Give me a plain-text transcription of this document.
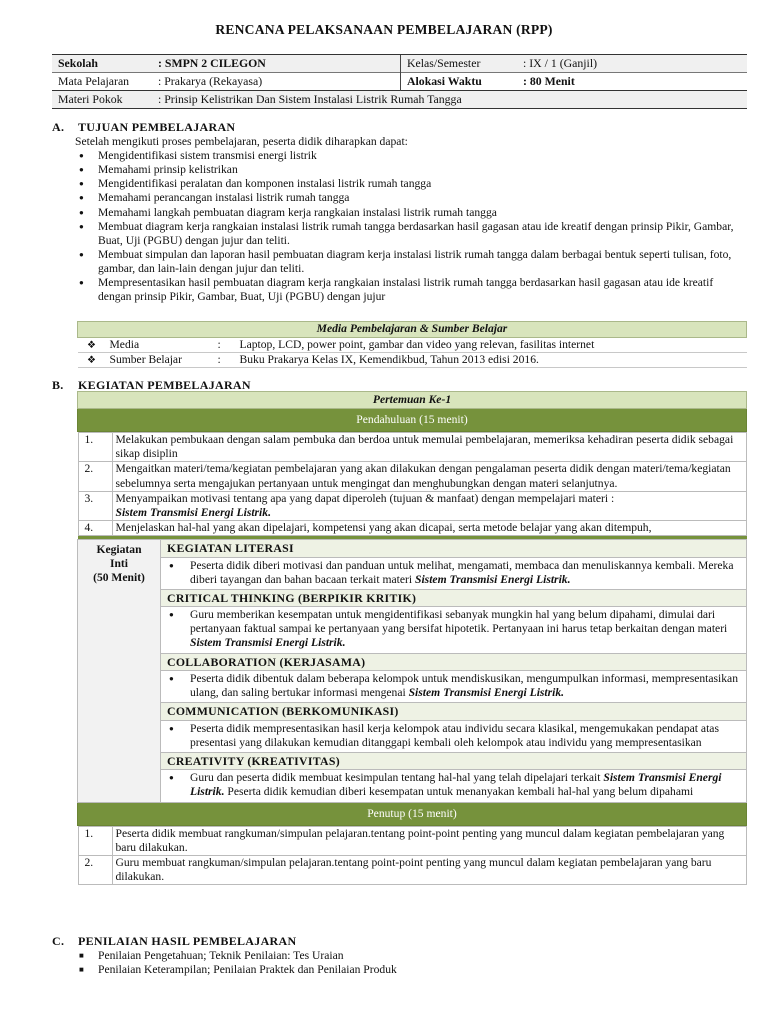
RENCANA PELAKSANAAN PEMBELAJARAN (RPP)
Sekolah	: SMPN 2 CILEGON	Kelas/Semester	: IX / 1 (Ganjil)
Mata Pelajaran	: Prakarya (Rekayasa)	Alokasi Waktu	: 80 Menit
Materi Pokok	: Prinsip Kelistrikan Dan Sistem Instalasi Listrik Rumah Tangga		
A. TUJUAN PEMBELAJARAN
Setelah mengikuti proses pembelajaran, peserta didik diharapkan dapat:
● Mengidentifikasi sistem transmisi energi listrik
● Memahami prinsip kelistrikan
● Mengidentifikasi peralatan dan komponen instalasi listrik rumah tangga
● Memahami perancangan instalasi listrik rumah tangga
● Memahami langkah pembuatan diagram kerja rangkaian instalasi listrik rumah tangga
● Membuat diagram kerja rangkaian instalasi listrik rumah tangga berdasarkan hasil gagasan atau ide kreatif dengan prinsip Pikir, Gambar, Buat, Uji (PGBU) dengan jujur dan teliti.
● Membuat simpulan dan laporan hasil pembuatan diagram kerja instalasi listrik rumah tangga dalam berbagai bentuk seperti tulisan, foto, gambar, dan lain-lain dengan jujur dan teliti.
● Mempresentasikan hasil pembuatan diagram kerja rangkaian instalasi listrik rumah tangga berdasarkan hasil gagasan atau ide kreatif dengan prinsip Pikir, Gambar, Buat, Uji (PGBU) dengan jujur
Media Pembelajaran & Sumber Belajar			
❖	Media	:	Laptop, LCD, power point, gambar dan video yang relevan, fasilitas internet
❖	Sumber Belajar	:	Buku Prakarya Kelas IX, Kemendikbud, Tahun 2013 edisi 2016.
B. KEGIATAN PEMBELAJARAN
Pertemuan Ke-1
Pendahuluan (15 menit)

1.	Melakukan pembukaan dengan salam pembuka dan berdoa untuk memulai pembelajaran, memeriksa kehadiran peserta didik sebagai sikap disiplin
2.	Mengaitkan materi/tema/kegiatan pembelajaran yang akan dilakukan dengan pengalaman peserta didik dengan materi/tema/kegiatan sebelumnya serta mengajukan pertanyaan untuk mengingat dan menghubungkan dengan materi selanjutnya.
3.	Menyampaikan motivasi tentang apa yang dapat diperoleh (tujuan & manfaat) dengan mempelajari materi :
Sistem Transmisi Energi Listrik.
4.	Menjelaskan hal-hal yang akan dipelajari, kompetensi yang akan dicapai, serta metode belajar yang akan ditempuh,

Kegiatan Inti
(50 Menit)

KEGIATAN LITERASI
● Peserta didik diberi motivasi dan panduan untuk melihat, mengamati, membaca dan menuliskannya kembali. Mereka diberi tayangan dan bahan bacaan terkait materi Sistem Transmisi Energi Listrik.
CRITICAL THINKING (BERPIKIR KRITIK)
● Guru memberikan kesempatan untuk mengidentifikasi sebanyak mungkin hal yang belum dipahami, dimulai dari pertanyaan faktual sampai ke pertanyaan yang bersifat hipotetik. Pertanyaan ini harus tetap berkaitan dengan materi Sistem Transmisi Energi Listrik.
COLLABORATION (KERJASAMA)
● Peserta didik dibentuk dalam beberapa kelompok untuk mendiskusikan, mengumpulkan informasi, mempresentasikan ulang, dan saling bertukar informasi mengenai Sistem Transmisi Energi Listrik.
COMMUNICATION (BERKOMUNIKASI)
● Peserta didik mempresentasikan hasil kerja kelompok atau individu secara klasikal, mengemukakan pendapat atas presentasi yang dilakukan kemudian ditanggapi kembali oleh kelompok atau individu yang mempresentasikan
CREATIVITY (KREATIVITAS)
● Guru dan peserta didik membuat kesimpulan tentang hal-hal yang telah dipelajari terkait Sistem Transmisi Energi Listrik. Peserta didik kemudian diberi kesempatan untuk menanyakan kembali hal-hal yang belum dipahami

Penutup (15 menit)

1.	Peserta didik membuat rangkuman/simpulan pelajaran.tentang point-point penting yang muncul dalam kegiatan pembelajaran yang baru dilakukan.
2.	Guru membuat rangkuman/simpulan pelajaran.tentang point-point penting yang muncul dalam kegiatan pembelajaran yang baru dilakukan.
C. PENILAIAN HASIL PEMBELAJARAN
■ Penilaian Pengetahuan; Teknik Penilaian: Tes Uraian
■ Penilaian Keterampilan; Penilaian Praktek dan Penilaian Produk
